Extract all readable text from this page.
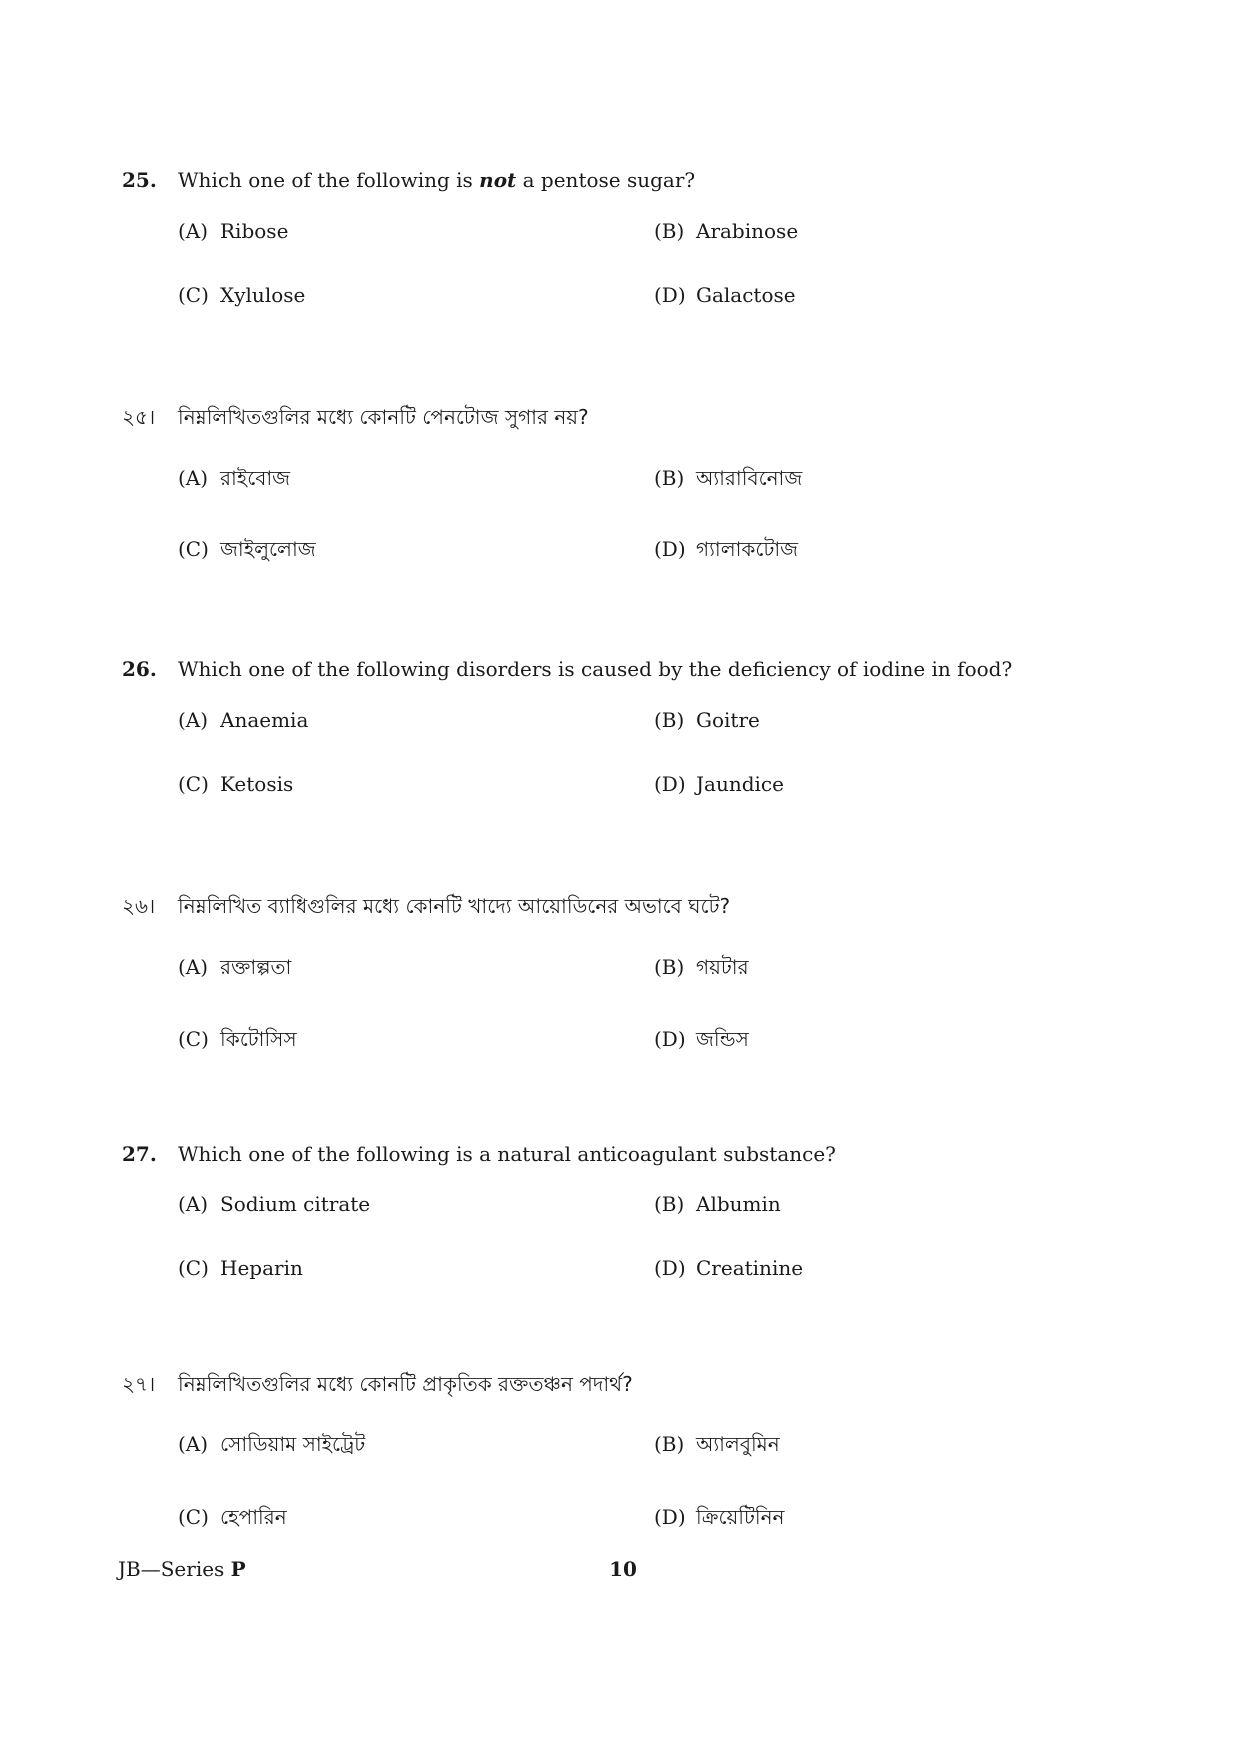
25. Which one of the following is not a pentose sugar?
(A) Ribose	(B) Arabinose
(C) Xylulose	(D) Galactose
২৫। নিম্নলিখিতগুলির মধ্যে কোনটি পেনটোজ সুগার নয়?
(A) রাইবোজ	(B) অ্যারাবিনোজ
(C) জাইলুলোজ	(D) গ্যালাকটোজ
26. Which one of the following disorders is caused by the deficiency of iodine in food?
(A) Anaemia	(B) Goitre
(C) Ketosis	(D) Jaundice
২৬। নিম্নলিখিত ব্যাধিগুলির মধ্যে কোনটি খাদ্যে আয়োডিনের অভাবে ঘটে?
(A) রক্তাল্পতা	(B) গয়টার
(C) কিটোসিস	(D) জন্ডিস
27. Which one of the following is a natural anticoagulant substance?
(A) Sodium citrate	(B) Albumin
(C) Heparin	(D) Creatinine
২৭। নিম্নলিখিতগুলির মধ্যে কোনটি প্রাকৃতিক রক্ততঞ্চন পদার্থ?
(A) সোডিয়াম সাইট্রেট	(B) অ্যালবুমিন
(C) হেপারিন	(D) ক্রিয়েটিনিন
JB—Series P	10
